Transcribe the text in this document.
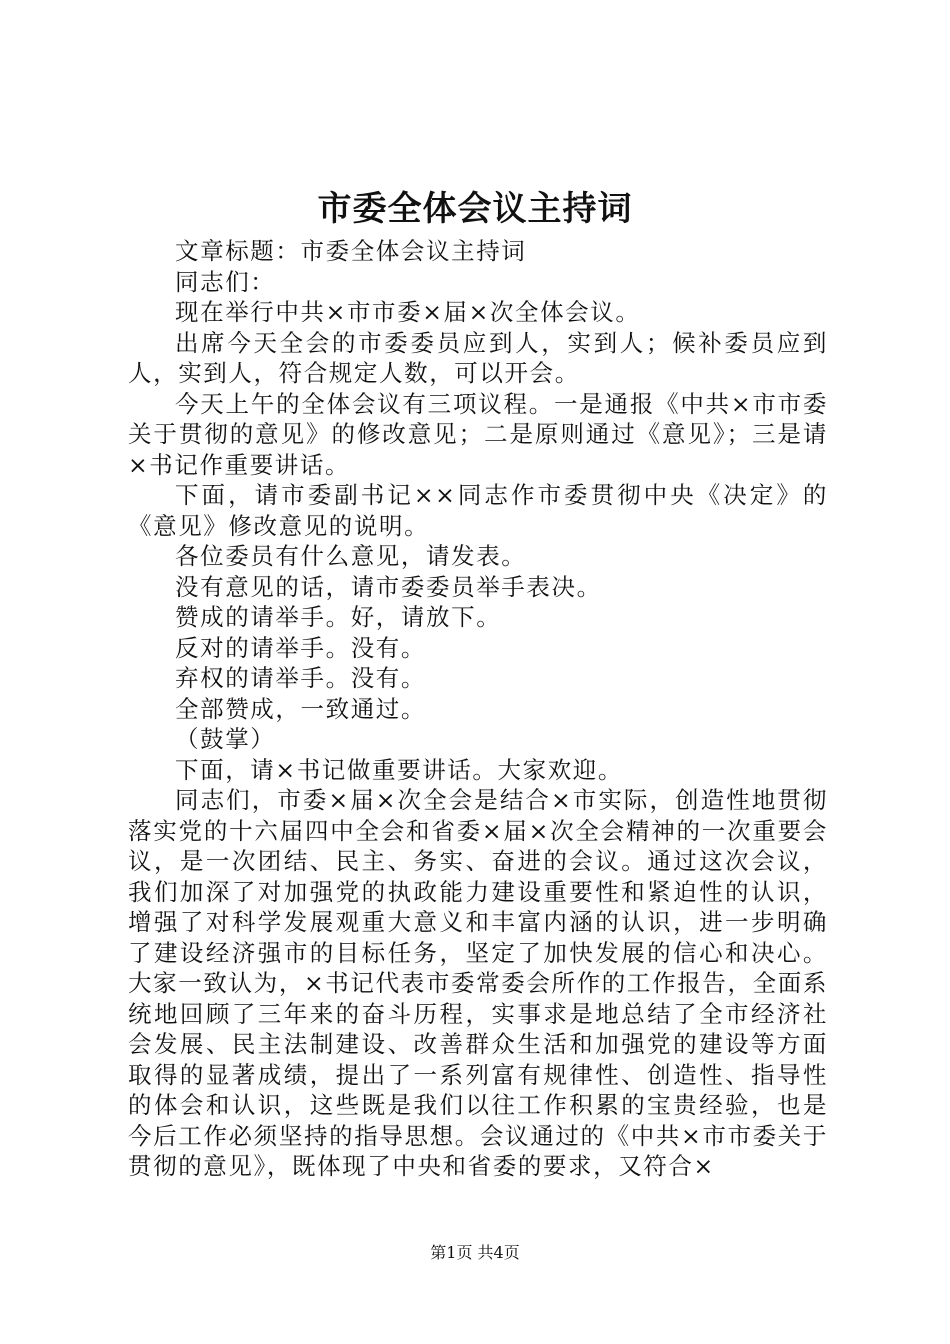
市委全体会议主持词

文章标题：市委全体会议主持词

同志们：

现在举行中共×市市委×届×次全体会议。

出席今天全会的市委委员应到人，实到人；候补委员应到人，实到人，符合规定人数，可以开会。

今天上午的全体会议有三项议程。一是通报《中共×市市委关于贯彻的意见》的修改意见；二是原则通过《意见》；三是请×书记作重要讲话。

下面，请市委副书记××同志作市委贯彻中央《决定》的《意见》修改意见的说明。

各位委员有什么意见，请发表。

没有意见的话，请市委委员举手表决。

赞成的请举手。好，请放下。

反对的请举手。没有。

弃权的请举手。没有。

全部赞成，一致通过。

（鼓掌）

下面，请×书记做重要讲话。大家欢迎。

同志们，市委×届×次全会是结合×市实际，创造性地贯彻落实党的十六届四中全会和省委×届×次全会精神的一次重要会议，是一次团结、民主、务实、奋进的会议。通过这次会议，我们加深了对加强党的执政能力建设重要性和紧迫性的认识，增强了对科学发展观重大意义和丰富内涵的认识，进一步明确了建设经济强市的目标任务，坚定了加快发展的信心和决心。大家一致认为，×书记代表市委常委会所作的工作报告，全面系统地回顾了三年来的奋斗历程，实事求是地总结了全市经济社会发展、民主法制建设、改善群众生活和加强党的建设等方面取得的显著成绩，提出了一系列富有规律性、创造性、指导性的体会和认识，这些既是我们以往工作积累的宝贵经验，也是今后工作必须坚持的指导思想。会议通过的《中共×市市委关于贯彻的意见》，既体现了中央和省委的要求，又符合×

第1页 共4页
